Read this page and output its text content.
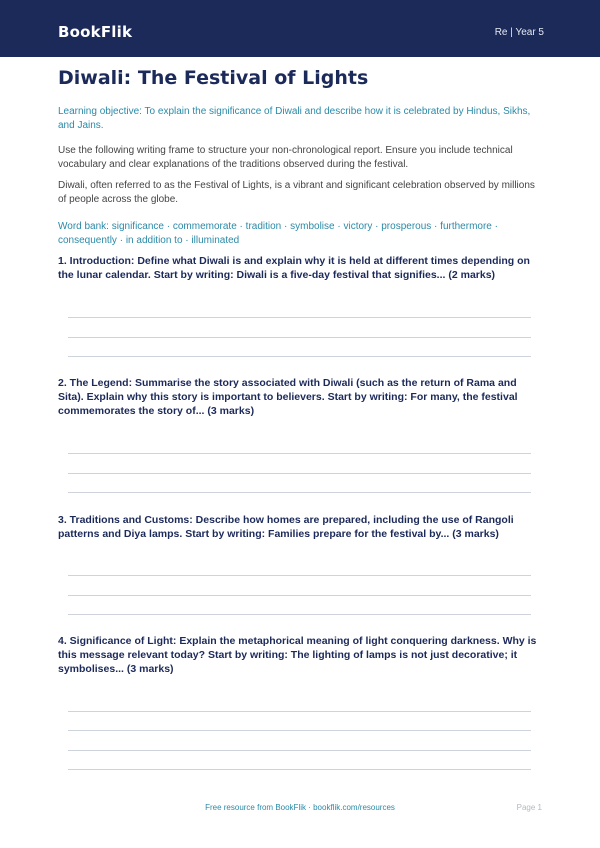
BookFlik	Re | Year 5
Diwali: The Festival of Lights

Learning objective: To explain the significance of Diwali and describe how it is celebrated by Hindus, Sikhs, and Jains.

Use the following writing frame to structure your non-chronological report. Ensure you include technical vocabulary and clear explanations of the traditions observed during the festival.

Diwali, often referred to as the Festival of Lights, is a vibrant and significant celebration observed by millions of people across the globe.

Word bank: significance · commemorate · tradition · symbolise · victory · prosperous · furthermore · consequently · in addition to · illuminated

1. Introduction: Define what Diwali is and explain why it is held at different times depending on the lunar calendar. Start by writing: Diwali is a five-day festival that signifies... (2 marks)
2. The Legend: Summarise the story associated with Diwali (such as the return of Rama and Sita). Explain why this story is important to believers. Start by writing: For many, the festival commemorates the story of... (3 marks)
3. Traditions and Customs: Describe how homes are prepared, including the use of Rangoli patterns and Diya lamps. Start by writing: Families prepare for the festival by... (3 marks)
4. Significance of Light: Explain the metaphorical meaning of light conquering darkness. Why is this message relevant today? Start by writing: The lighting of lamps is not just decorative; it symbolises... (3 marks)
Free resource from BookFlik · bookflik.com/resources	Page 1
